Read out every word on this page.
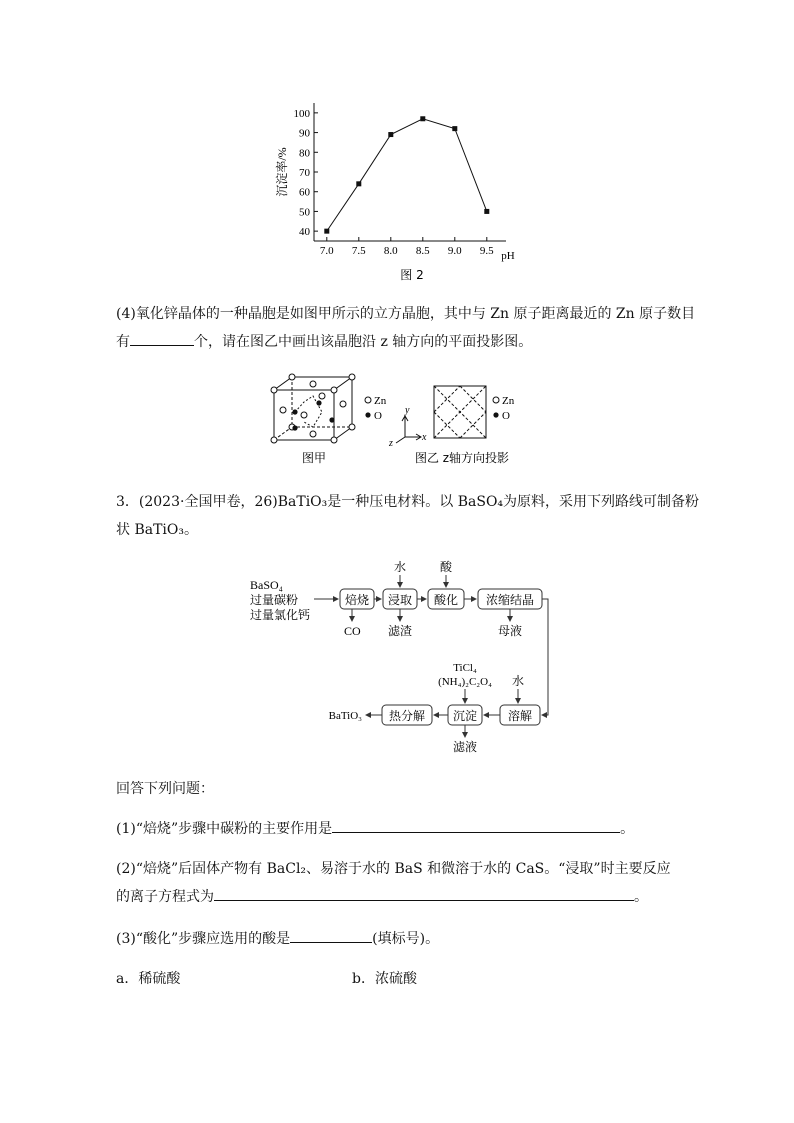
40
50
60
70
80
90
100
7.0 7.5 8.0 8.5 9.0 9.5 pH
沉淀率/%
图 2
(4)氧化锌晶体的一种晶胞是如图甲所示的立方晶胞，其中与 Zn 原子距离最近的 Zn 原子数目
有	个，请在图乙中画出该晶胞沿 z 轴方向的平面投影图。
Zn
O y
x
z
Zn
O
图甲	图乙 z轴方向投影
3．(2023·全国甲卷，26)BaTiO₃是一种压电材料。以 BaSO₄为原料，采用下列路线可制备粉
状 BaTiO₃。
BaSO₄
过量碳粉
过量氯化钙
焙烧 浸取 酸化 浓缩结晶
水	酸
CO 滤渣	母液
溶解
沉淀
热分解
BaTiO₃
TiCl₄
(NH₄)₂C₂O₄ 水
滤液
回答下列问题：
(1)“焙烧”步骤中碳粉的主要作用是	。
(2)“焙烧”后固体产物有 BaCl₂、易溶于水的 BaS 和微溶于水的 CaS。“浸取”时主要反应
的离子方程式为	。
(3)“酸化”步骤应选用的酸是	(填标号)。
a．稀硫酸	b．浓硫酸
